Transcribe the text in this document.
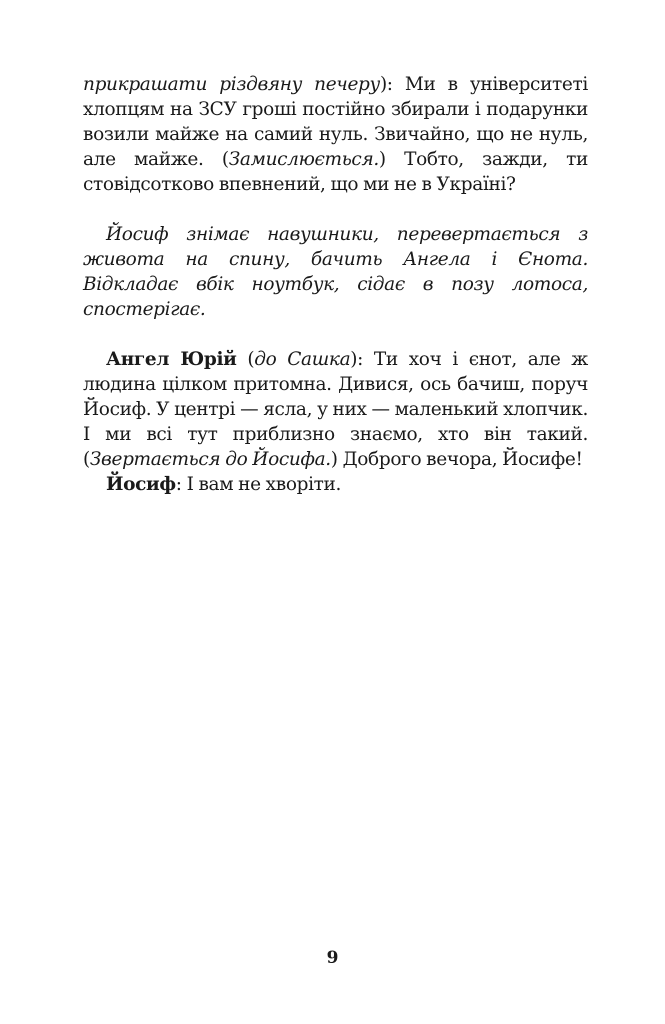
прикрашати різдвяну печеру): Ми в університеті хлопцям на ЗСУ гроші постійно збирали і подарунки возили майже на самий нуль. Звичайно, що не нуль, але майже. (Замислюється.) Тобто, зажди, ти стовідсотково впевнений, що ми не в Україні?

Йосиф знімає навушники, перевертається з живота на спину, бачить Ангела і Єнота. Відкладає вбік ноутбук, сідає в позу лотоса, спостерігає.

Ангел Юрій (до Сашка): Ти хоч і єнот, але ж людина цілком притомна. Дивися, ось бачиш, поруч Йосиф. У центрі — ясла, у них — маленький хлопчик. І ми всі тут приблизно знаємо, хто він такий. (Звертається до Йосифа.) Доброго вечора, Йосифе!

Йосиф: І вам не хворіти.

9
